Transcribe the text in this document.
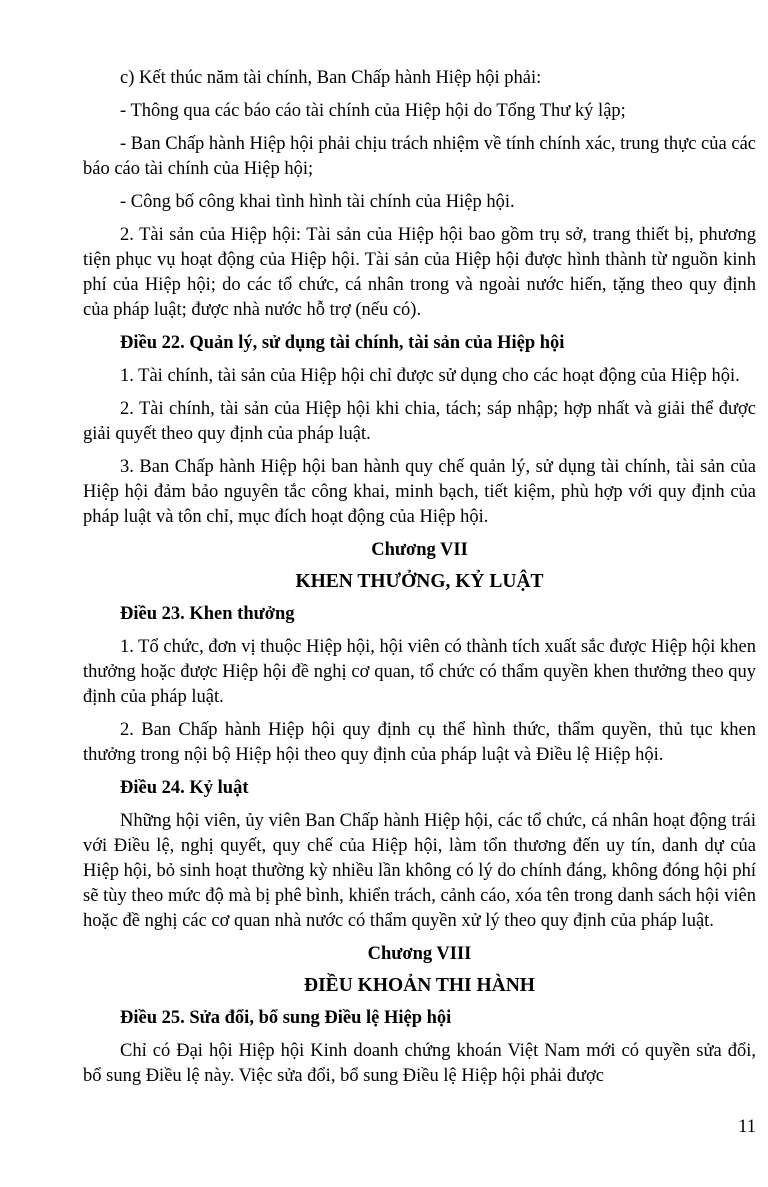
c) Kết thúc năm tài chính, Ban Chấp hành Hiệp hội phải:

- Thông qua các báo cáo tài chính của Hiệp hội do Tổng Thư ký lập;

- Ban Chấp hành Hiệp hội phải chịu trách nhiệm về tính chính xác, trung thực của các báo cáo tài chính của Hiệp hội;

- Công bố công khai tình hình tài chính của Hiệp hội.

2. Tài sản của Hiệp hội: Tài sản của Hiệp hội bao gồm trụ sở, trang thiết bị, phương tiện phục vụ hoạt động của Hiệp hội. Tài sản của Hiệp hội được hình thành từ nguồn kinh phí của Hiệp hội; do các tổ chức, cá nhân trong và ngoài nước hiến, tặng theo quy định của pháp luật; được nhà nước hỗ trợ (nếu có).

Điều 22. Quản lý, sử dụng tài chính, tài sản của Hiệp hội

1. Tài chính, tài sản của Hiệp hội chỉ được sử dụng cho các hoạt động của Hiệp hội.

2. Tài chính, tài sản của Hiệp hội khi chia, tách; sáp nhập; hợp nhất và giải thể được giải quyết theo quy định của pháp luật.

3. Ban Chấp hành Hiệp hội ban hành quy chế quản lý, sử dụng tài chính, tài sản của Hiệp hội đảm bảo nguyên tắc công khai, minh bạch, tiết kiệm, phù hợp với quy định của pháp luật và tôn chỉ, mục đích hoạt động của Hiệp hội.

Chương VII

KHEN THƯỞNG, KỶ LUẬT

Điều 23. Khen thưởng

1. Tổ chức, đơn vị thuộc Hiệp hội, hội viên có thành tích xuất sắc được Hiệp hội khen thưởng hoặc được Hiệp hội đề nghị cơ quan, tổ chức có thẩm quyền khen thưởng theo quy định của pháp luật.

2. Ban Chấp hành Hiệp hội quy định cụ thể hình thức, thẩm quyền, thủ tục khen thưởng trong nội bộ Hiệp hội theo quy định của pháp luật và Điều lệ Hiệp hội.

Điều 24. Kỷ luật

Những hội viên, ủy viên Ban Chấp hành Hiệp hội, các tổ chức, cá nhân hoạt động trái với Điều lệ, nghị quyết, quy chế của Hiệp hội, làm tổn thương đến uy tín, danh dự của Hiệp hội, bỏ sinh hoạt thường kỳ nhiều lần không có lý do chính đáng, không đóng hội phí sẽ tùy theo mức độ mà bị phê bình, khiển trách, cảnh cáo, xóa tên trong danh sách hội viên hoặc đề nghị các cơ quan nhà nước có thẩm quyền xử lý theo quy định của pháp luật.

Chương VIII

ĐIỀU KHOẢN THI HÀNH

Điều 25. Sửa đổi, bổ sung Điều lệ Hiệp hội

Chỉ có Đại hội Hiệp hội Kinh doanh chứng khoán Việt Nam mới có quyền sửa đổi, bổ sung Điều lệ này. Việc sửa đổi, bổ sung Điều lệ Hiệp hội phải được

11
